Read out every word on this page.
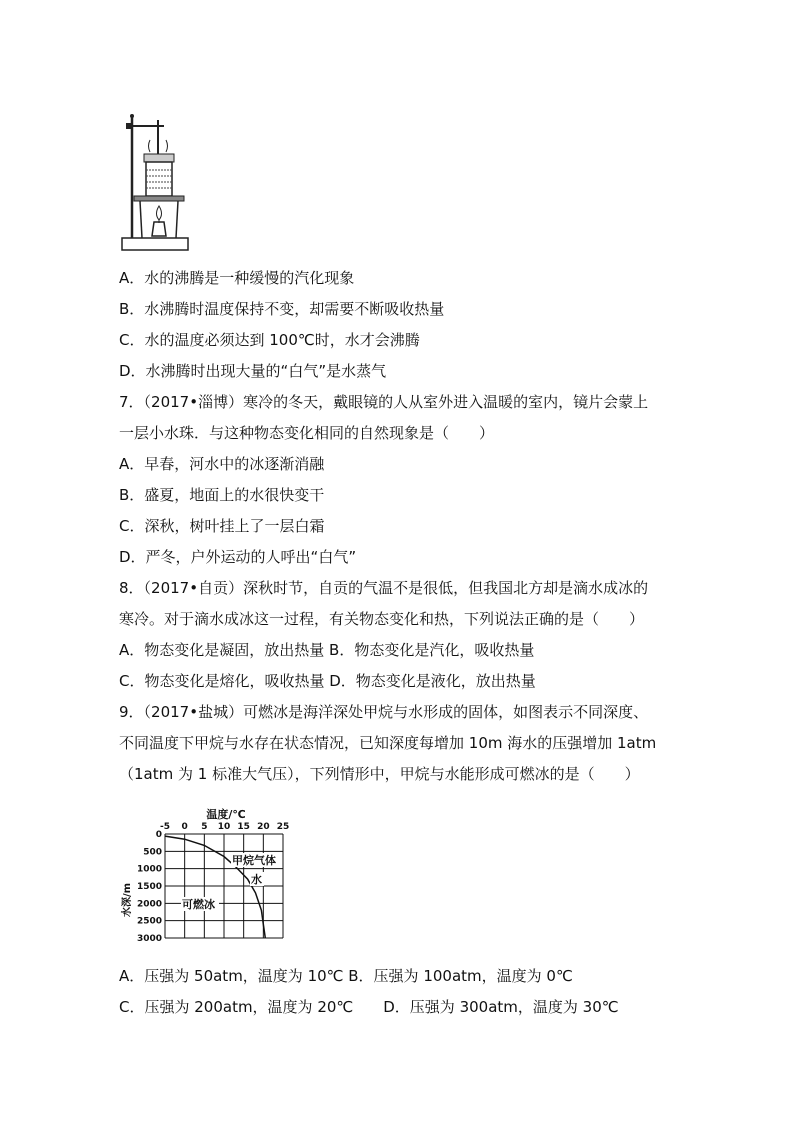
A．水的沸腾是一种缓慢的汽化现象
B．水沸腾时温度保持不变，却需要不断吸收热量
C．水的温度必须达到 100℃时，水才会沸腾
D．水沸腾时出现大量的“白气”是水蒸气
7．（2017•淄博）寒冷的冬天，戴眼镜的人从室外进入温暖的室内，镜片会蒙上
一层小水珠．与这种物态变化相同的自然现象是（　　）
A．早春，河水中的冰逐渐消融
B．盛夏，地面上的水很快变干
C．深秋，树叶挂上了一层白霜
D．严冬，户外运动的人呼出“白气”
8．（2017•自贡）深秋时节，自贡的气温不是很低，但我国北方却是滴水成冰的
寒冷。对于滴水成冰这一过程，有关物态变化和热，下列说法正确的是（　　）
A．物态变化是凝固，放出热量 B．物态变化是汽化，吸收热量
C．物态变化是熔化，吸收热量 D．物态变化是液化，放出热量
9．（2017•盐城）可燃冰是海洋深处甲烷与水形成的固体，如图表示不同深度、
不同温度下甲烷与水存在状态情况，已知深度每增加 10m 海水的压强增加 1atm
（1atm 为 1 标准大气压），下列情形中，甲烷与水能形成可燃冰的是（　　）
温度/℃
水深/m
-5 0 5 10 15 20 25
0
500
1000
1500
2000
2500
3000
甲烷气体
水
可燃冰
A．压强为 50atm，温度为 10℃ B．压强为 100atm，温度为 0℃
C．压强为 200atm，温度为 20℃　　D．压强为 300atm，温度为 30℃
